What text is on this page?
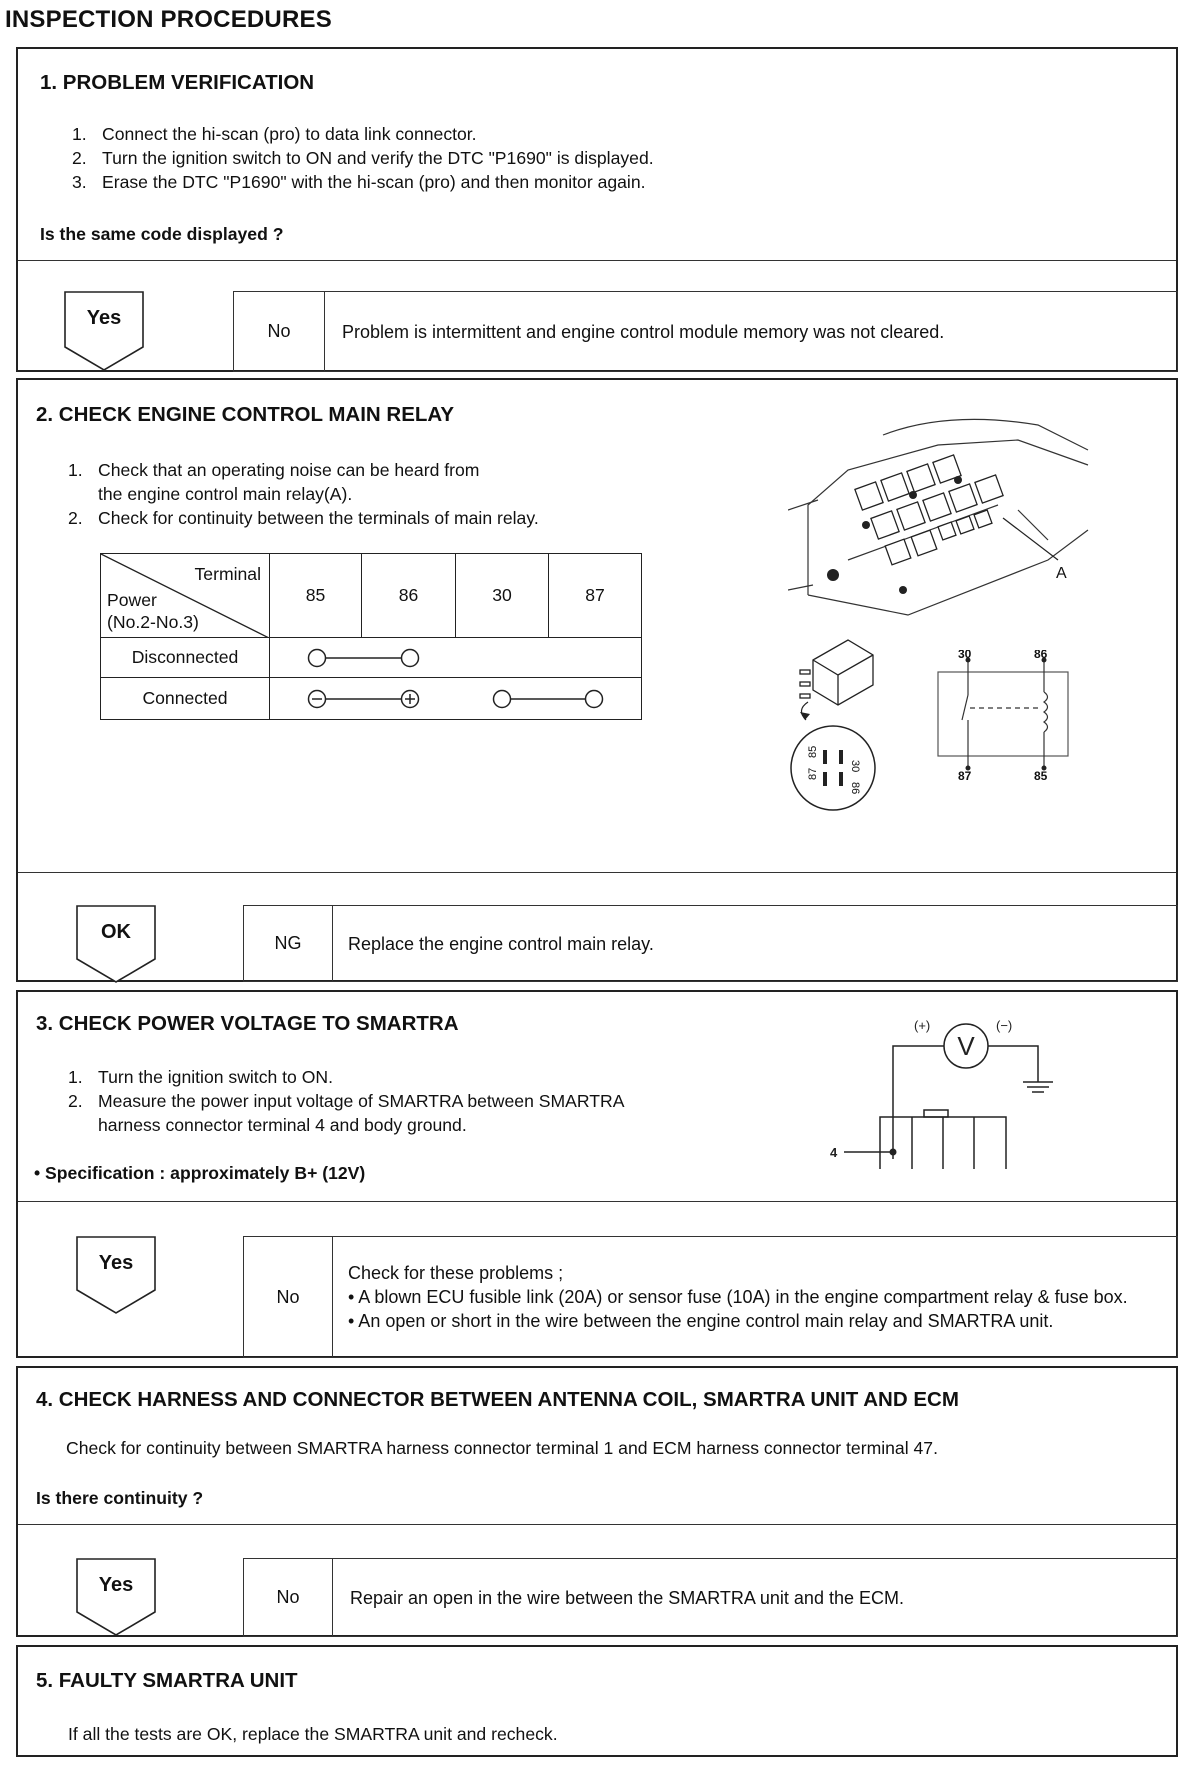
INSPECTION PROCEDURES
1. PROBLEM VERIFICATION
1. Connect the hi-scan (pro) to data link connector.
2. Turn the ignition switch to ON and verify the DTC "P1690" is displayed.
3. Erase the DTC "P1690" with the hi-scan (pro) and then monitor again.
Is the same code displayed ?
Yes
No	Problem is intermittent and engine control module memory was not cleared.
2. CHECK ENGINE CONTROL MAIN RELAY
1. Check that an operating noise can be heard from
the engine control main relay(A).
2. Check for continuity between the terminals of main relay.
Terminal
Power
(No.2-No.3)	85	86	30	87
Disconnected	

Connected	
A
85
30
87
86
30	86
87	85
OK	NG	Replace the engine control main relay.
3. CHECK POWER VOLTAGE TO SMARTRA
1. Turn the ignition switch to ON.
2. Measure the power input voltage of SMARTRA between SMARTRA
harness connector terminal 4 and body ground.
• Specification : approximately B+ (12V)
V
(+)	(−)
4
Yes
No
Check for these problems ;
• A blown ECU fusible link (20A) or sensor fuse (10A) in the engine compartment relay & fuse box.
• An open or short in the wire between the engine control main relay and SMARTRA unit.
4. CHECK HARNESS AND CONNECTOR BETWEEN ANTENNA COIL, SMARTRA UNIT AND ECM
Check for continuity between SMARTRA harness connector terminal 1 and ECM harness connector terminal 47.
Is there continuity ?
Yes
No	Repair an open in the wire between the SMARTRA unit and the ECM.
5. FAULTY SMARTRA UNIT
If all the tests are OK, replace the SMARTRA unit and recheck.
